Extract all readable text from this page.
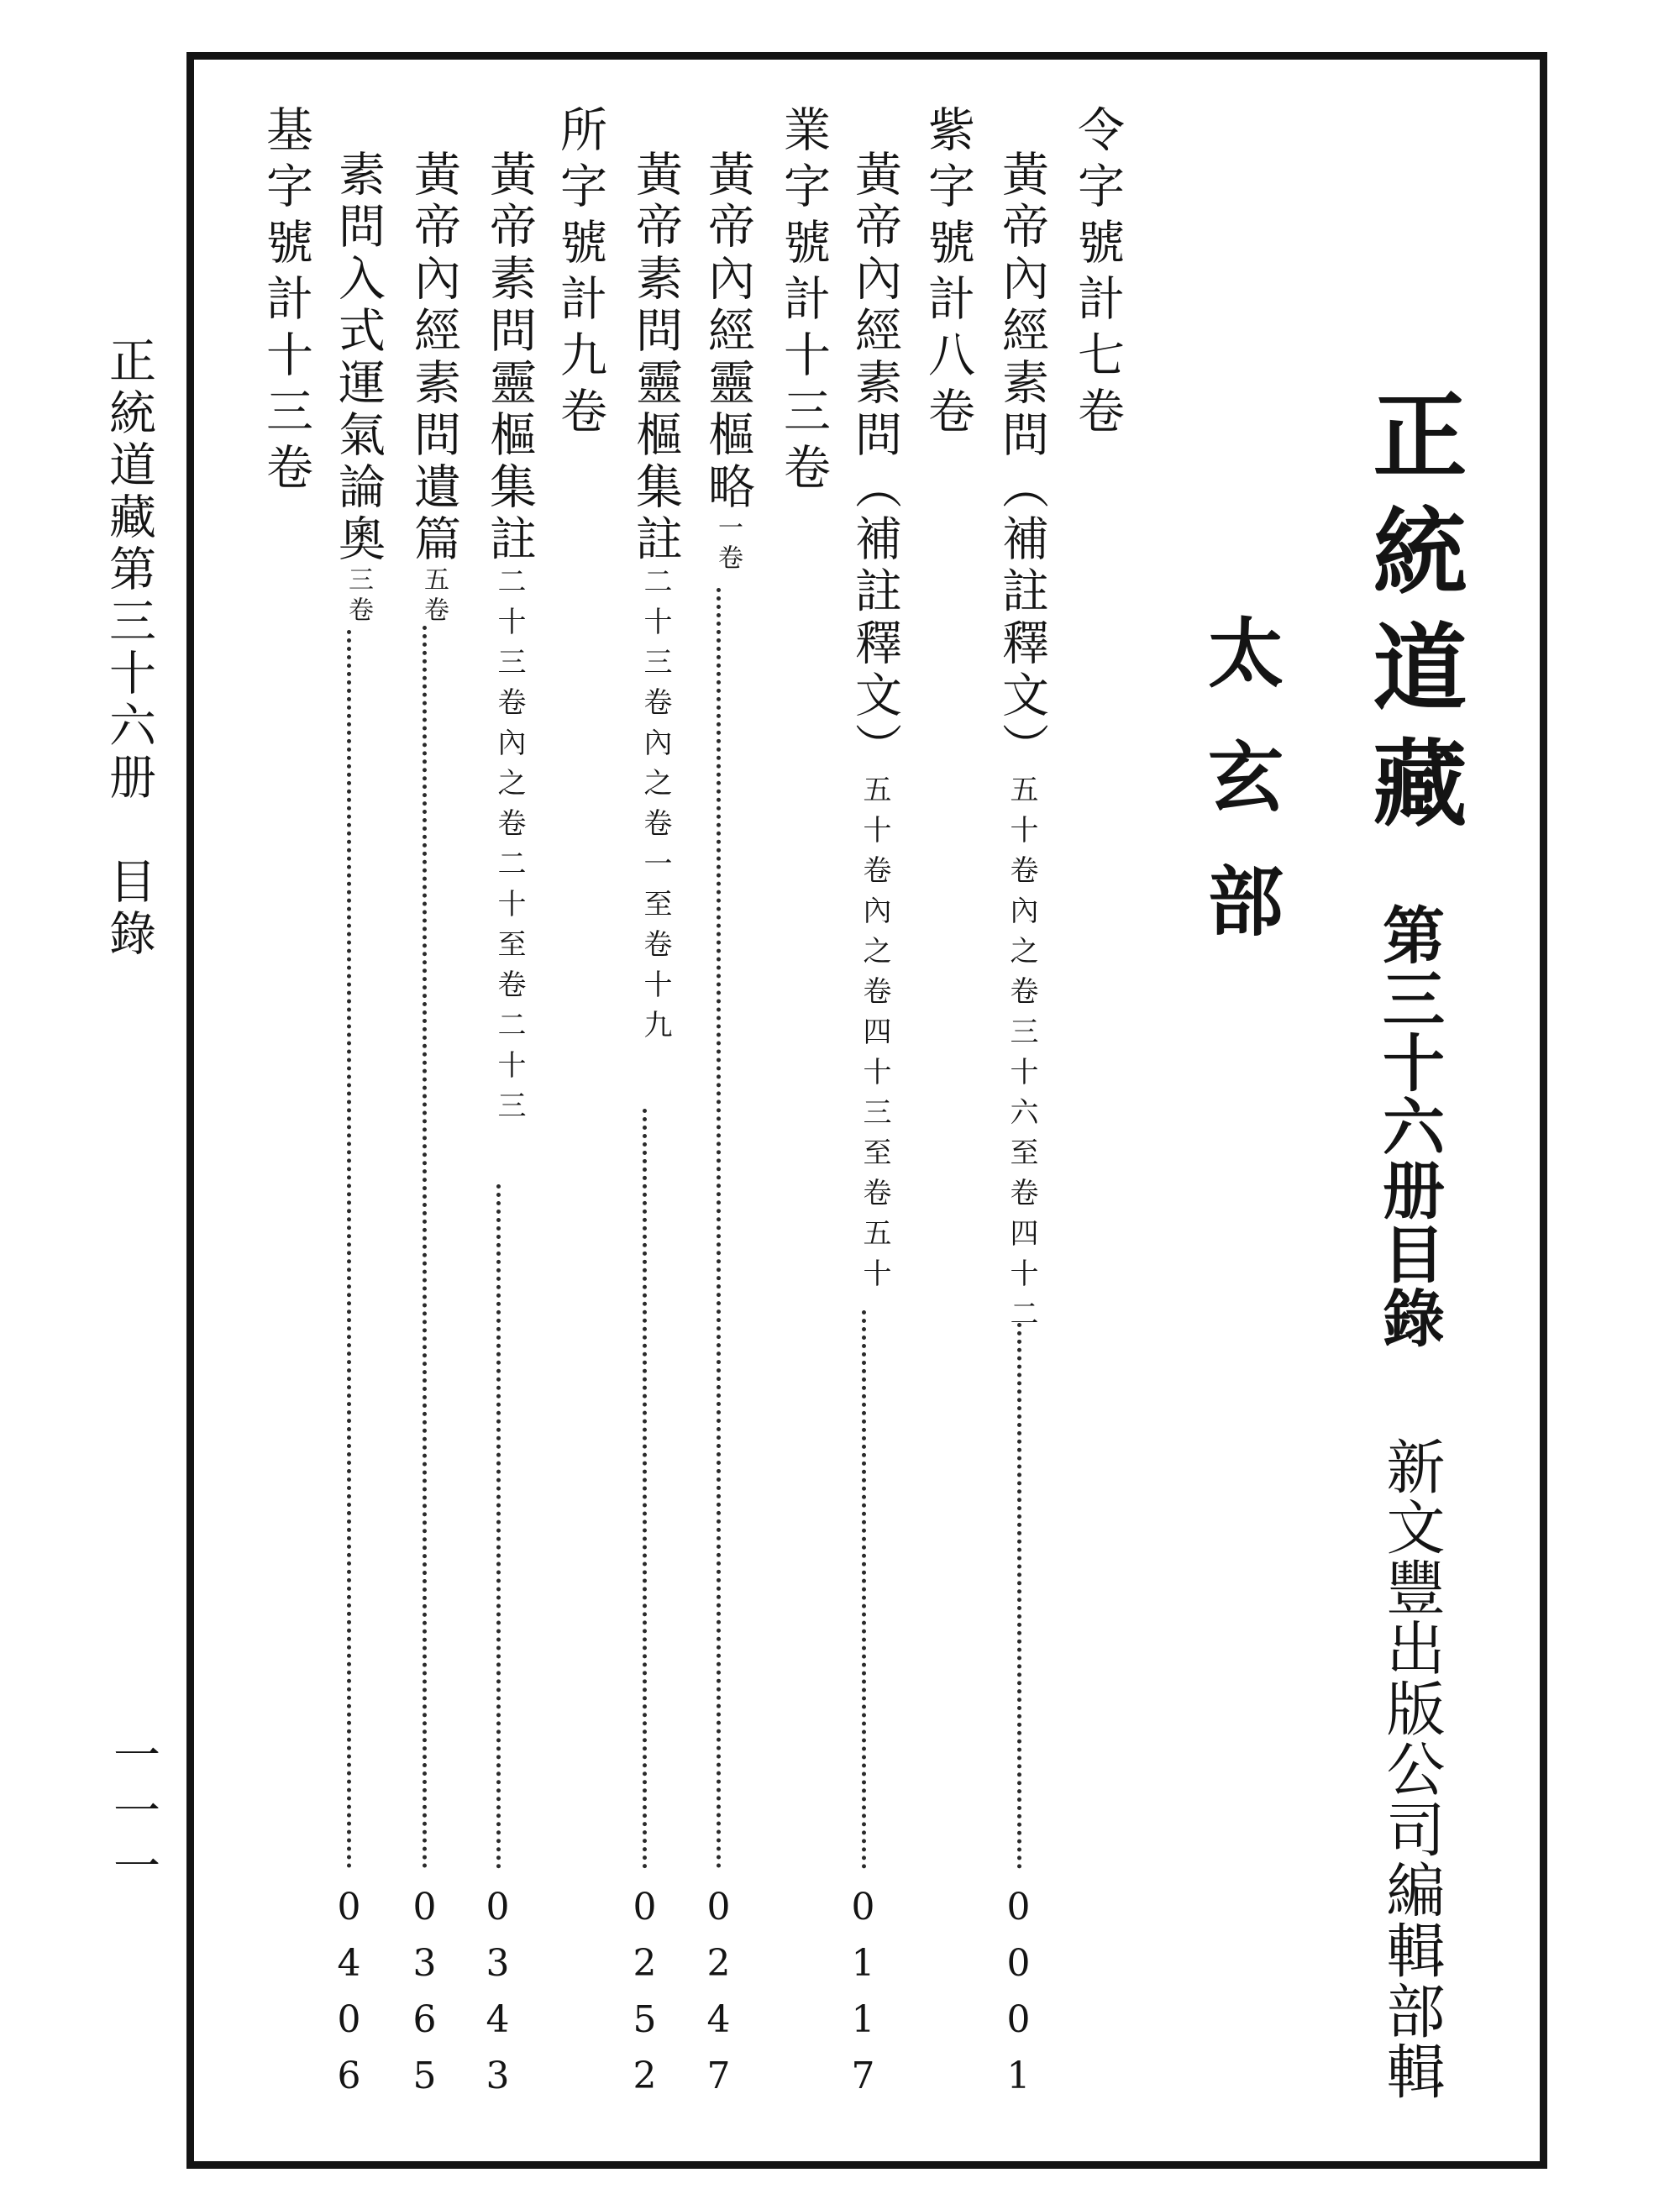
正統道藏
第三十六册目錄
新文豐出版公司編輯部輯
太玄部
令字號計七卷
黃帝內經素問（補註釋文）五十卷內之卷三十六至卷四十二
0001
紫字號計八卷
黃帝內經素問（補註釋文）五十卷內之卷四十三至卷五十
0117
業字號計十三卷
黃帝內經靈樞略一卷
0247
黃帝素問靈樞集註二十三卷內之卷一至卷十九
0252
所字號計九卷
黃帝素問靈樞集註二十三卷內之卷二十至卷二十三
0343
黃帝內經素問遺篇五卷
0365
素問入式運氣論奧三卷
0406
基字號計十三卷
正統道藏第三十六册　目錄
一一一
